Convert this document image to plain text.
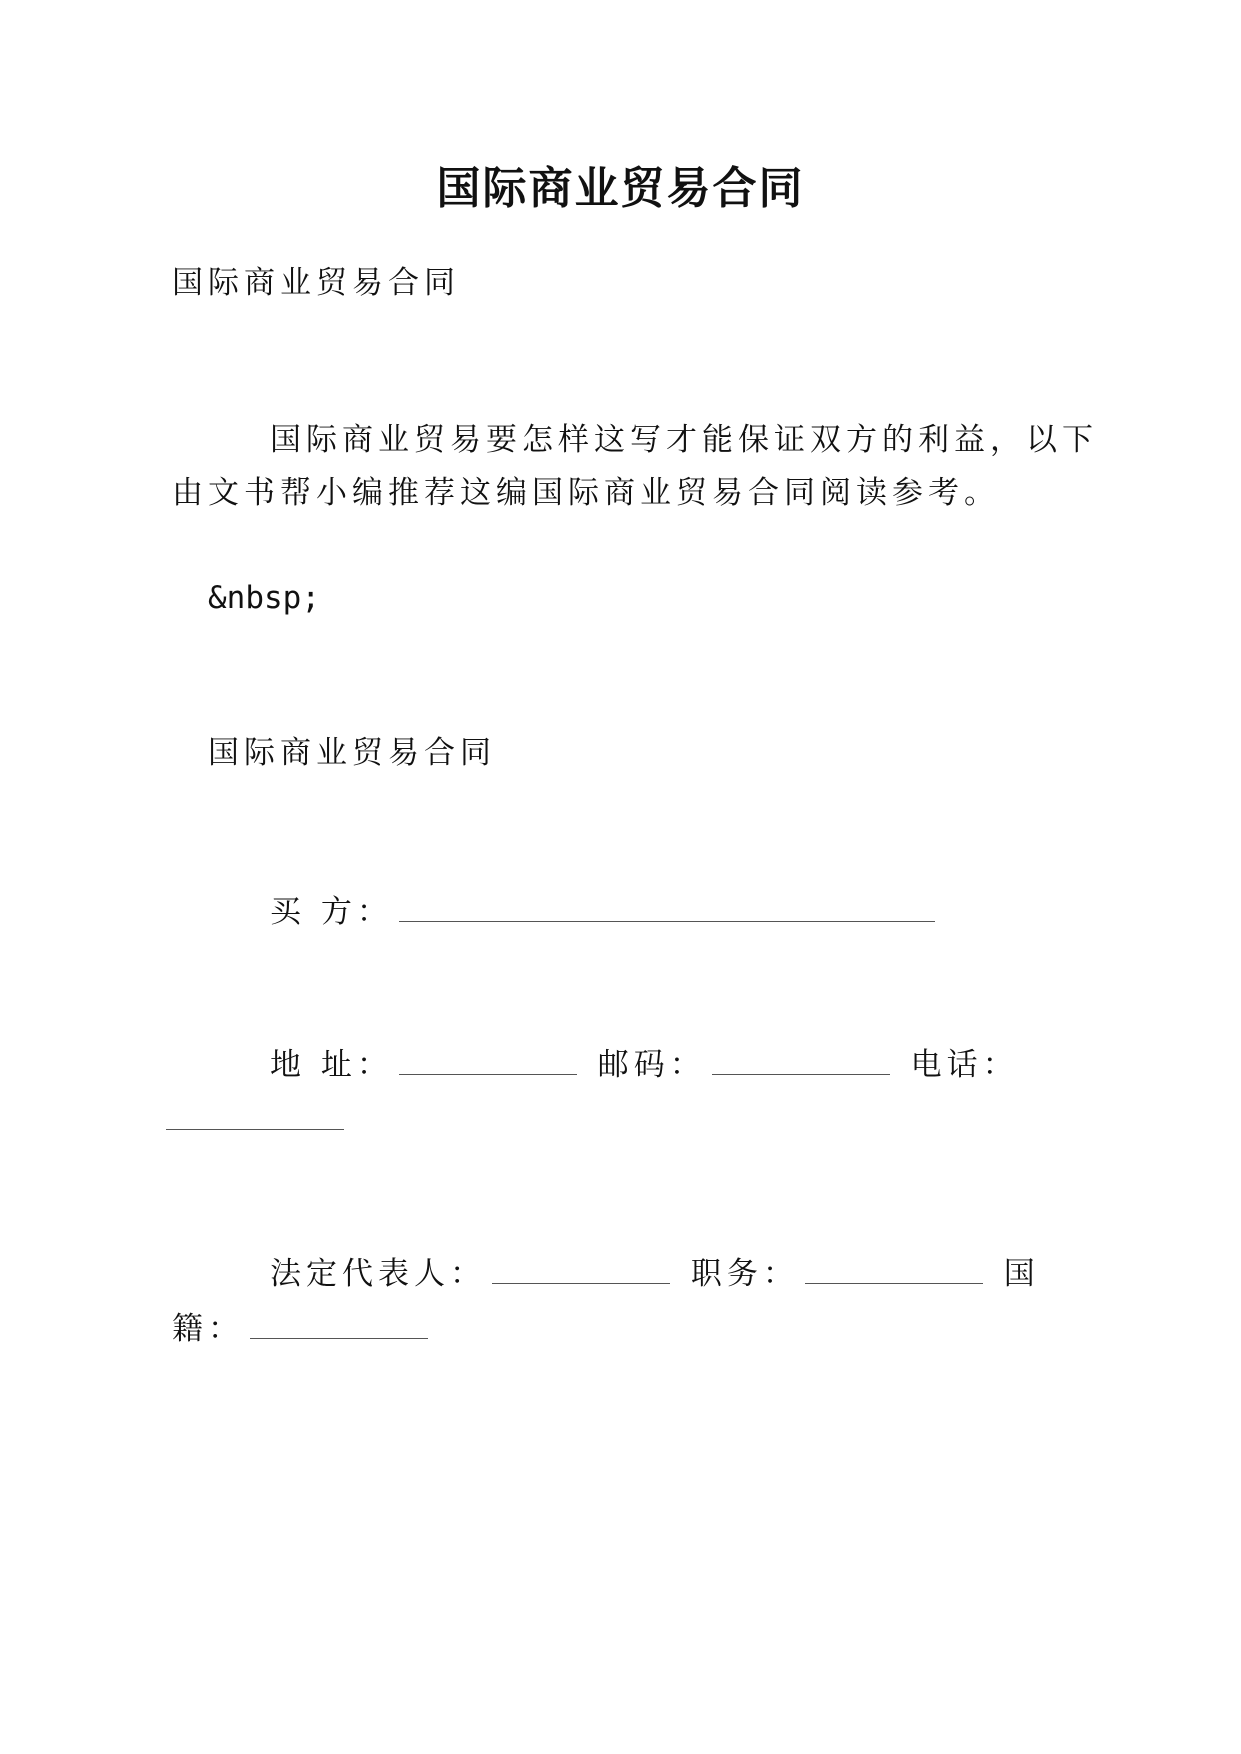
国际商业贸易合同
国际商业贸易合同
国际商业贸易要怎样这写才能保证双方的利益，以下
由文书帮小编推荐这编国际商业贸易合同阅读参考。
&nbsp;
国际商业贸易合同
买 方：
地 址：	邮码：	电话：
法定代表人：	职务：	国
籍：
